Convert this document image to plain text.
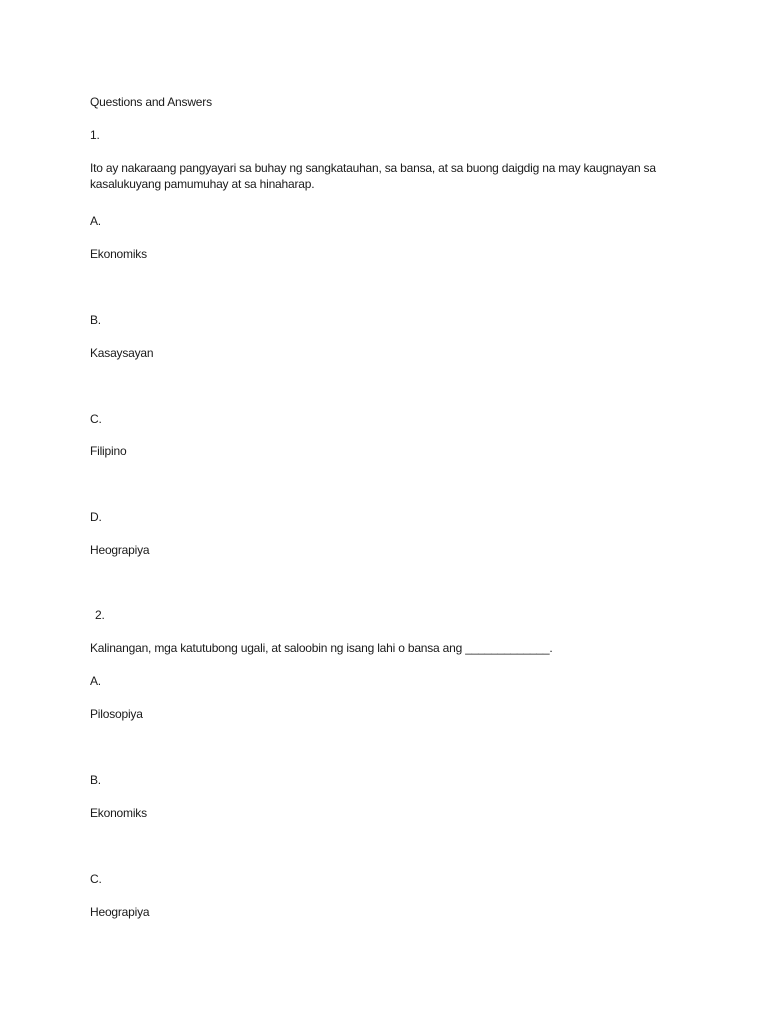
Questions and Answers
1.
Ito ay nakaraang pangyayari sa buhay ng sangkatauhan, sa bansa, at sa buong daigdig na may kaugnayan sa kasalukuyang pamumuhay at sa hinaharap.
A.
Ekonomiks
B.
Kasaysayan
C.
Filipino
D.
Heograpiya
2.
Kalinangan, mga katutubong ugali, at saloobin ng isang lahi o bansa ang _____________.
A.
Pilosopiya
B.
Ekonomiks
C.
Heograpiya
